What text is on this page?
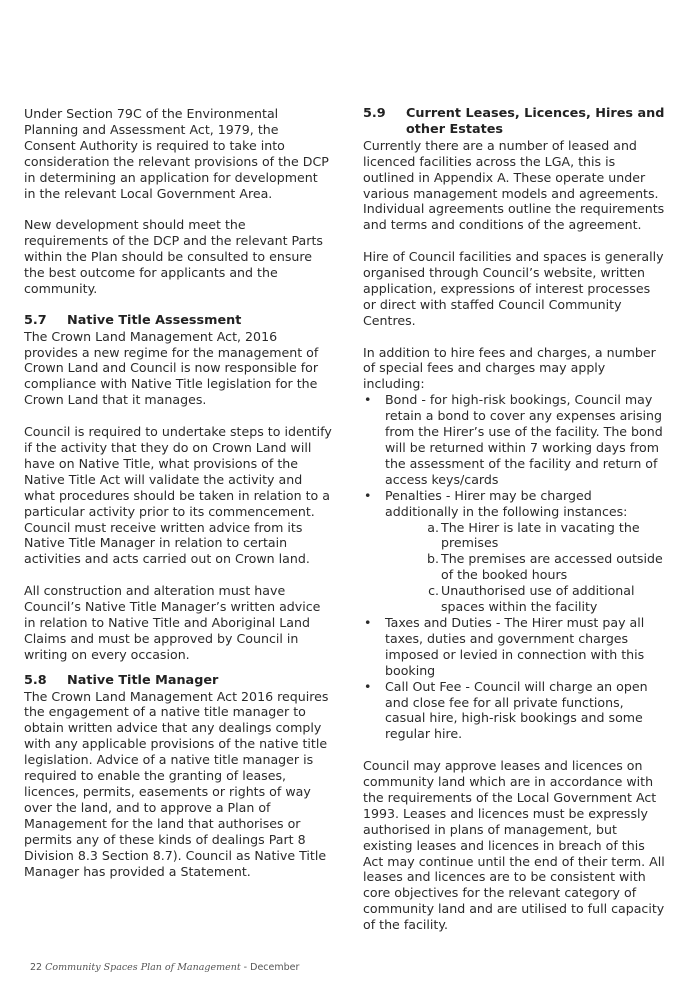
Under Section 79C of the Environmental Planning and Assessment Act, 1979, the Consent Authority is required to take into consideration the relevant provisions of the DCP in determining an application for development in the relevant Local Government Area.

New development should meet the requirements of the DCP and the relevant Parts within the Plan should be consulted to ensure the best outcome for applicants and the community.

5.7 Native Title Assessment

The Crown Land Management Act, 2016 provides a new regime for the management of Crown Land and Council is now responsible for compliance with Native Title legislation for the Crown Land that it manages.

Council is required to undertake steps to identify if the activity that they do on Crown Land will have on Native Title, what provisions of the Native Title Act will validate the activity and what procedures should be taken in relation to a particular activity prior to its commencement. Council must receive written advice from its Native Title Manager in relation to certain activities and acts carried out on Crown land.

All construction and alteration must have Council’s Native Title Manager’s written advice in relation to Native Title and Aboriginal Land Claims and must be approved by Council in writing on every occasion.

5.8 Native Title Manager

The Crown Land Management Act 2016 requires the engagement of a native title manager to obtain written advice that any dealings comply with any applicable provisions of the native title legislation. Advice of a native title manager is required to enable the granting of leases, licences, permits, easements or rights of way over the land, and to approve a Plan of Management for the land that authorises or permits any of these kinds of dealings Part 8 Division 8.3 Section 8.7). Council as Native Title Manager has provided a Statement.

5.9 Current Leases, Licences, Hires and other Estates

Currently there are a number of leased and licenced facilities across the LGA, this is outlined in Appendix A. These operate under various management models and agreements. Individual agreements outline the requirements and terms and conditions of the agreement.

Hire of Council facilities and spaces is generally organised through Council’s website, written application, expressions of interest processes or direct with staffed Council Community Centres.

In addition to hire fees and charges, a number of special fees and charges may apply including:

• Bond - for high-risk bookings, Council may retain a bond to cover any expenses arising from the Hirer’s use of the facility. The bond will be returned within 7 working days from the assessment of the facility and return of access keys/cards
• Penalties - Hirer may be charged additionally in the following instances:
a. The Hirer is late in vacating the premises
b. The premises are accessed outside of the booked hours
c. Unauthorised use of additional spaces within the facility
• Taxes and Duties - The Hirer must pay all taxes, duties and government charges imposed or levied in connection with this booking
• Call Out Fee - Council will charge an open and close fee for all private functions, casual hire, high-risk bookings and some regular hire.

Council may approve leases and licences on community land which are in accordance with the requirements of the Local Government Act 1993. Leases and licences must be expressly authorised in plans of management, but existing leases and licences in breach of this Act may continue until the end of their term. All leases and licences are to be consistent with core objectives for the relevant category of community land and are utilised to full capacity of the facility.

22 Community Spaces Plan of Management - December
